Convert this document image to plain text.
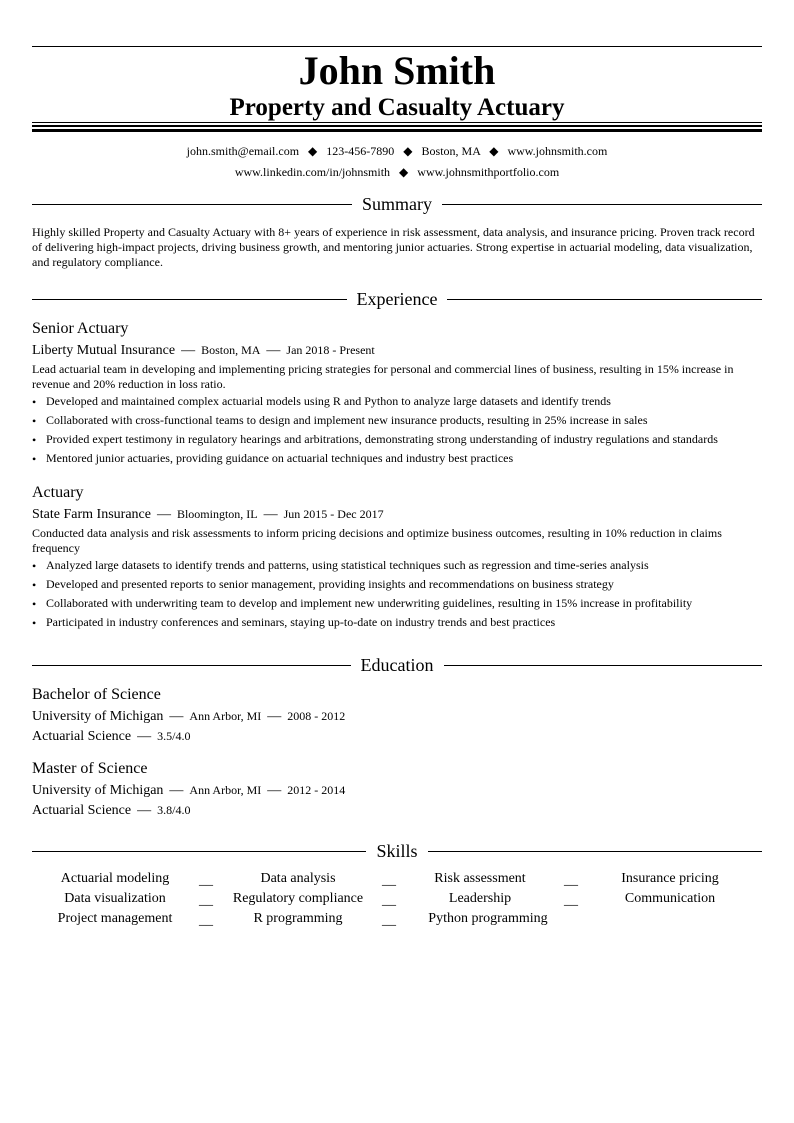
John Smith
Property and Casualty Actuary
john.smith@email.com ◆ 123-456-7890 ◆ Boston, MA ◆ www.johnsmith.com
www.linkedin.com/in/johnsmith ◆ www.johnsmithportfolio.com
Summary
Highly skilled Property and Casualty Actuary with 8+ years of experience in risk assessment, data analysis, and insurance pricing. Proven track record of delivering high-impact projects, driving business growth, and mentoring junior actuaries. Strong expertise in actuarial modeling, data visualization, and regulatory compliance.
Experience
Senior Actuary
Liberty Mutual Insurance — Boston, MA — Jan 2018 - Present
Lead actuarial team in developing and implementing pricing strategies for personal and commercial lines of business, resulting in 15% increase in revenue and 20% reduction in loss ratio.
• Developed and maintained complex actuarial models using R and Python to analyze large datasets and identify trends
• Collaborated with cross-functional teams to design and implement new insurance products, resulting in 25% increase in sales
• Provided expert testimony in regulatory hearings and arbitrations, demonstrating strong understanding of industry regulations and standards
• Mentored junior actuaries, providing guidance on actuarial techniques and industry best practices
Actuary
State Farm Insurance — Bloomington, IL — Jun 2015 - Dec 2017
Conducted data analysis and risk assessments to inform pricing decisions and optimize business outcomes, resulting in 10% reduction in claims frequency
• Analyzed large datasets to identify trends and patterns, using statistical techniques such as regression and time-series analysis
• Developed and presented reports to senior management, providing insights and recommendations on business strategy
• Collaborated with underwriting team to develop and implement new underwriting guidelines, resulting in 15% increase in profitability
• Participated in industry conferences and seminars, staying up-to-date on industry trends and best practices
Education
Bachelor of Science
University of Michigan — Ann Arbor, MI — 2008 - 2012
Actuarial Science — 3.5/4.0
Master of Science
University of Michigan — Ann Arbor, MI — 2012 - 2014
Actuarial Science — 3.8/4.0
Skills
Actuarial modeling	__	Data analysis	__	Risk assessment	__	Insurance pricing
Data visualization	__	Regulatory compliance	__	Leadership	__	Communication
Project management	__	R programming	__	Python programming
